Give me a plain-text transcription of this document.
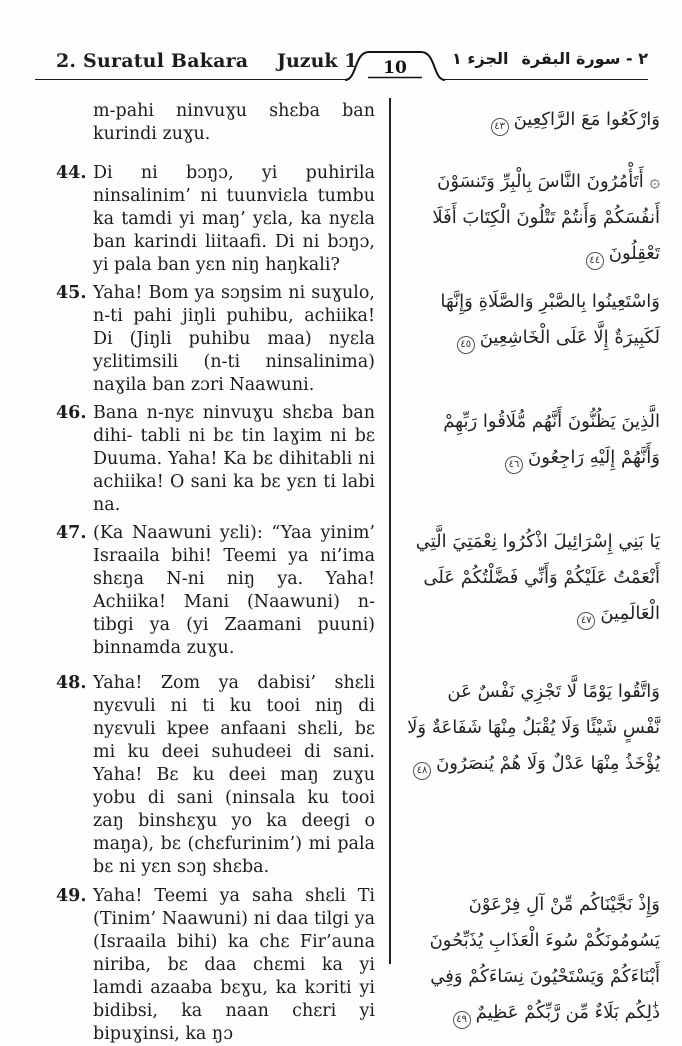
2. Suratul Bakara Juzuk 1	الجزء ١ ٢ - سورة البقرة
10
m-pahi ninvuɣu shɛba ban kurindi zuɣu.
وَارْكَعُوا مَعَ الرَّاكِعِينَ٤٣
44. Di ni bɔŋɔ, yi puhirila ninsalinim’ ni tuunviɛla tumbu ka tamdi yi maŋ’ yɛla, ka nyɛla ban karindi liitaafi. Di ni bɔŋɔ, yi pala ban yɛn niŋ haŋkali?
۞ أَتَأْمُرُونَ النَّاسَ بِالْبِرِّ وَتَنسَوْنَ أَنفُسَكُمْ وَأَنتُمْ تَتْلُونَ الْكِتَابَ أَفَلَا تَعْقِلُونَ٤٤
45. Yaha! Bom ya sɔŋsim ni suɣulo, n-ti pahi jiŋli puhibu, achiika! Di (Jiŋli puhibu maa) nyɛla yɛlitimsili (n-ti ninsalinima) naɣila ban zɔri Naawuni.
وَاسْتَعِينُوا بِالصَّبْرِ وَالصَّلَاةِ وَإِنَّهَا لَكَبِيرَةٌ إِلَّا عَلَى الْخَاشِعِينَ٤٥
46. Bana n-nyɛ ninvuɣu shɛba ban dihi- tabli ni bɛ tin laɣim ni bɛ Duuma. Yaha! Ka bɛ dihitabli ni achiika! O sani ka bɛ yɛn ti labi na.
الَّذِينَ يَظُنُّونَ أَنَّهُم مُّلَاقُوا رَبِّهِمْ وَأَنَّهُمْ إِلَيْهِ رَاجِعُونَ٤٦
47. (Ka Naawuni yɛli): “Yaa yinim’ Israaila bihi! Teemi ya ni’ima shɛŋa N-ni niŋ ya. Yaha! Achiika! Mani (Naawuni) n-tibgi ya (yi Zaamani puuni) binnamda zuɣu.
يَا بَنِي إِسْرَائِيلَ اذْكُرُوا نِعْمَتِيَ الَّتِي أَنْعَمْتُ عَلَيْكُمْ وَأَنِّي فَضَّلْتُكُمْ عَلَى الْعَالَمِينَ٤٧
48. Yaha! Zom ya dabisi’ shɛli nyɛvuli ni ti ku tooi niŋ di nyɛvuli kpee anfaani shɛli, bɛ mi ku deei suhudeei di sani. Yaha! Bɛ ku deei maŋ zuɣu yobu di sani (ninsala ku tooi zaŋ binshɛɣu yo ka deegi o maŋa), bɛ (chɛfurinim’) mi pala bɛ ni yɛn sɔŋ shɛba.
وَاتَّقُوا يَوْمًا لَّا تَجْزِي نَفْسٌ عَن نَّفْسٍ شَيْئًا وَلَا يُقْبَلُ مِنْهَا شَفَاعَةٌ وَلَا يُؤْخَذُ مِنْهَا عَدْلٌ وَلَا هُمْ يُنصَرُونَ٤٨
49. Yaha! Teemi ya saha shɛli Ti (Tinim’ Naawuni) ni daa tilgi ya (Israaila bihi) ka chɛ Fir’auna niriba, bɛ daa chɛmi ka yi lamdi azaaba bɛɣu, ka kɔriti yi bidibsi, ka naan chɛri yi bipuɣinsi, ka ŋɔ
وَإِذْ نَجَّيْنَاكُم مِّنْ آلِ فِرْعَوْنَ يَسُومُونَكُمْ سُوءَ الْعَذَابِ يُذَبِّحُونَ أَبْنَاءَكُمْ وَيَسْتَحْيُونَ نِسَاءَكُمْ وَفِي ذَٰلِكُم بَلَاءٌ مِّن رَّبِّكُمْ عَظِيمٌ٤٩
